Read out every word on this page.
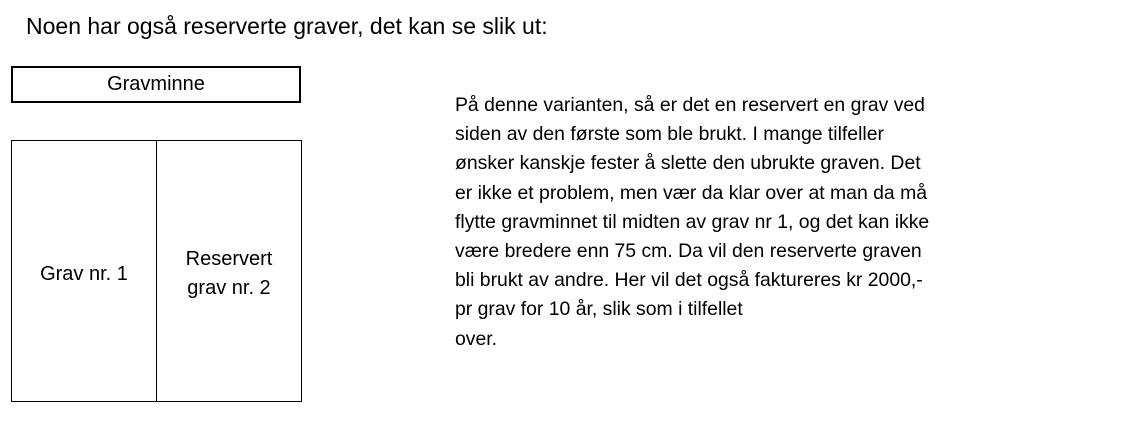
Noen har også reserverte graver, det kan se slik ut:
Gravminne
Grav nr. 1
Reservert
grav nr. 2
På denne varianten, så er det en reservert en grav ved
siden av den første som ble brukt. I mange tilfeller
ønsker kanskje fester å slette den ubrukte graven. Det
er ikke et problem, men vær da klar over at man da må
flytte gravminnet til midten av grav nr 1, og det kan ikke
være bredere enn 75 cm. Da vil den reserverte graven
bli brukt av andre. Her vil det også faktureres kr 2000,-
pr grav for 10 år, slik som i tilfellet
over.
